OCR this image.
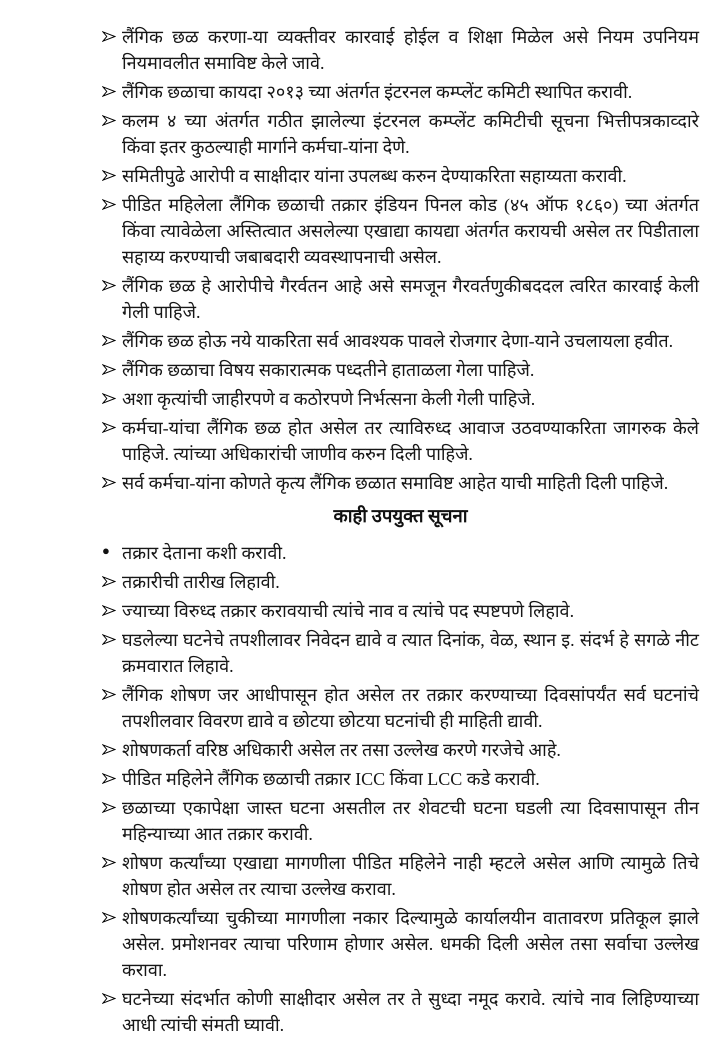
लैंगिक छळ करणा-या व्यक्तीवर कारवाई होईल व शिक्षा मिळेल असे नियम उपनियम नियमावलीत समाविष्ट केले जावे.
लैंगिक छळाचा कायदा २०१३ च्या अंतर्गत इंटरनल कम्प्लेंट कमिटी स्थापित करावी.
कलम ४ च्या अंतर्गत गठीत झालेल्या इंटरनल कम्प्लेंट कमिटीची सूचना भित्तीपत्रकाव्दारे किंवा इतर कुठल्याही मार्गाने कर्मचा-यांना देणे.
समितीपुढे आरोपी व साक्षीदार यांना उपलब्ध करुन देण्याकरिता सहाय्यता करावी.
पीडित महिलेला लैंगिक छळाची तक्रार इंडियन पिनल कोड (४५ ऑफ १८६०) च्या अंतर्गत किंवा त्यावेळेला अस्तित्वात असलेल्या एखाद्या कायद्या अंतर्गत करायची असेल तर पिडीताला सहाय्य करण्याची जबाबदारी व्यवस्थापनाची असेल.
लैंगिक छळ हे आरोपीचे गैरर्वतन आहे असे समजून गैरवर्तणुकीबददल त्वरित कारवाई केली गेली पाहिजे.
लैंगिक छळ होऊ नये याकरिता सर्व आवश्यक पावले रोजगार देणा-याने उचलायला हवीत.
लैंगिक छळाचा विषय सकारात्मक पध्दतीने हाताळला गेला पाहिजे.
अशा कृत्यांची जाहीरपणे व कठोरपणे निर्भत्सना केली गेली पाहिजे.
कर्मचा-यांचा लैंगिक छळ होत असेल तर त्याविरुध्द आवाज उठवण्याकरिता जागरुक केले पाहिजे. त्यांच्या अधिकारांची जाणीव करुन दिली पाहिजे.
सर्व कर्मचा-यांना कोणते कृत्य लैंगिक छळात समाविष्ट आहेत याची माहिती दिली पाहिजे.
काही उपयुक्त सूचना
● तक्रार देताना कशी करावी.
तक्रारीची तारीख लिहावी.
ज्याच्या विरुध्द तक्रार करावयाची त्यांचे नाव व त्यांचे पद स्पष्टपणे लिहावे.
घडलेल्या घटनेचे तपशीलावर निवेदन द्यावे व त्यात दिनांक, वेळ, स्थान इ. संदर्भ हे सगळे नीट क्रमवारात लिहावे.
लैंगिक शोषण जर आधीपासून होत असेल तर तक्रार करण्याच्या दिवसांपर्यंत सर्व घटनांचे तपशीलवार विवरण द्यावे व छोटया छोटया घटनांची ही माहिती द्यावी.
शोषणकर्ता वरिष्ठ अधिकारी असेल तर तसा उल्लेख करणे गरजेचे आहे.
पीडित महिलेने लैंगिक छळाची तक्रार ICC किंवा LCC कडे करावी.
छळाच्या एकापेक्षा जास्त घटना असतील तर शेवटची घटना घडली त्या दिवसापासून तीन महिन्याच्या आत तक्रार करावी.
शोषण कर्त्यांच्या एखाद्या मागणीला पीडित महिलेने नाही म्हटले असेल आणि त्यामुळे तिचे शोषण होत असेल तर त्याचा उल्लेख करावा.
शोषणकर्त्यांच्या चुकीच्या मागणीला नकार दिल्यामुळे कार्यालयीन वातावरण प्रतिकूल झाले असेल. प्रमोशनवर त्याचा परिणाम होणार असेल. धमकी दिली असेल तसा सर्वाचा उल्लेख करावा.
घटनेच्या संदर्भात कोणी साक्षीदार असेल तर ते सुध्दा नमूद करावे. त्यांचे नाव लिहिण्याच्या आधी त्यांची संमती घ्यावी.
